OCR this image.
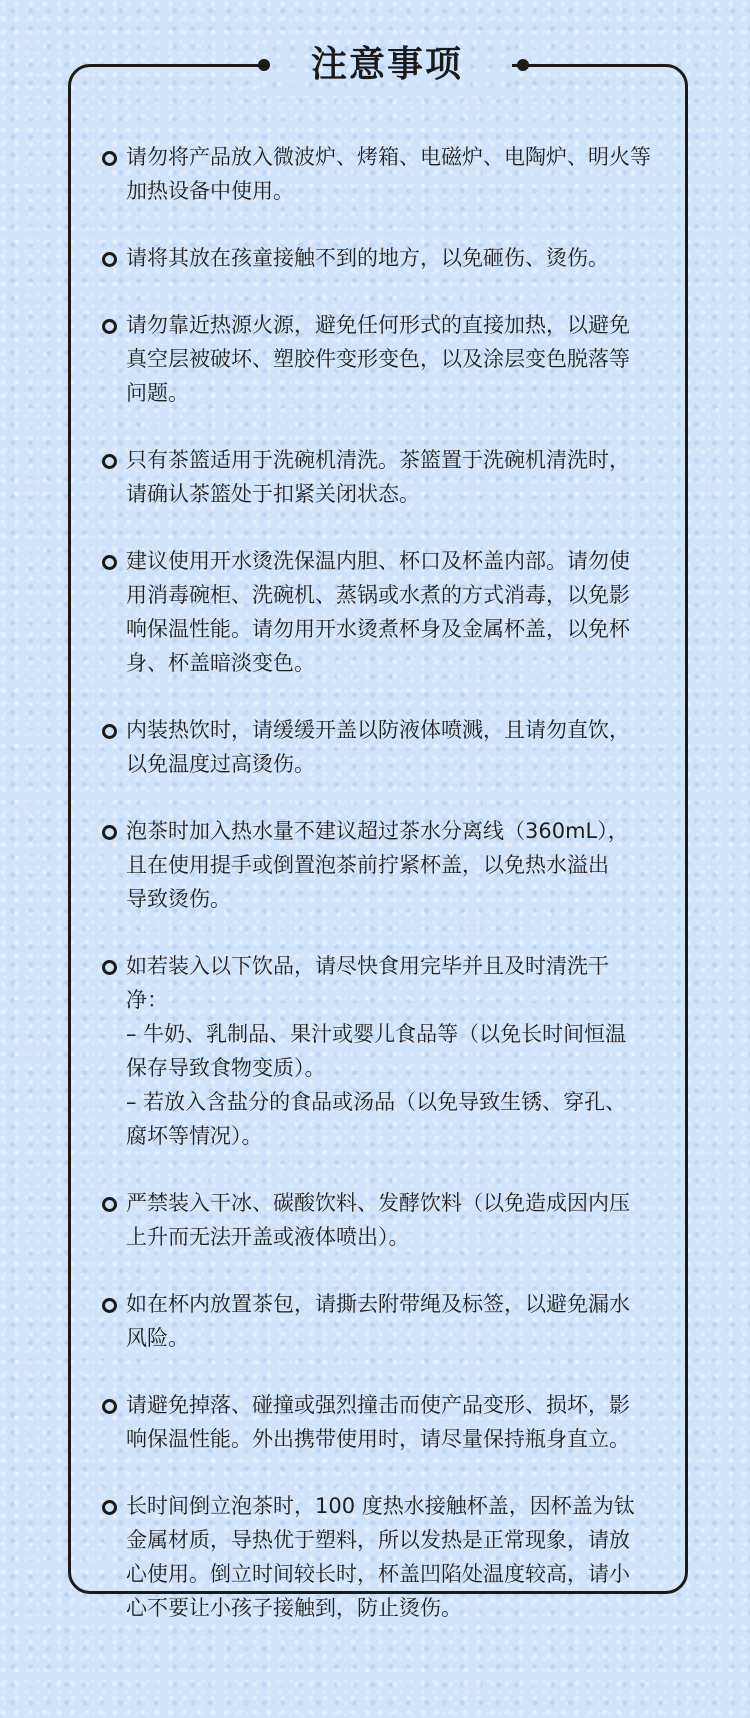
注意事项
请勿将产品放入微波炉、烤箱、电磁炉、电陶炉、明火等
加热设备中使用。
请将其放在孩童接触不到的地方，以免砸伤、烫伤。
请勿靠近热源火源，避免任何形式的直接加热，以避免
真空层被破坏、塑胶件变形变色，以及涂层变色脱落等
问题。
只有茶篮适用于洗碗机清洗。茶篮置于洗碗机清洗时，
请确认茶篮处于扣紧关闭状态。
建议使用开水烫洗保温内胆、杯口及杯盖内部。请勿使
用消毒碗柜、洗碗机、蒸锅或水煮的方式消毒，以免影
响保温性能。请勿用开水烫煮杯身及金属杯盖，以免杯
身、杯盖暗淡变色。
内装热饮时，请缓缓开盖以防液体喷溅，且请勿直饮，
以免温度过高烫伤。
泡茶时加入热水量不建议超过茶水分离线（360mL），
且在使用提手或倒置泡茶前拧紧杯盖，以免热水溢出
导致烫伤。
如若装入以下饮品，请尽快食用完毕并且及时清洗干
净：
– 牛奶、乳制品、果汁或婴儿食品等（以免长时间恒温
保存导致食物变质）。
– 若放入含盐分的食品或汤品（以免导致生锈、穿孔、
腐坏等情况）。
严禁装入干冰、碳酸饮料、发酵饮料（以免造成因内压
上升而无法开盖或液体喷出）。
如在杯内放置茶包，请撕去附带绳及标签，以避免漏水
风险。
请避免掉落、碰撞或强烈撞击而使产品变形、损坏，影
响保温性能。外出携带使用时，请尽量保持瓶身直立。
长时间倒立泡茶时，100 度热水接触杯盖，因杯盖为钛
金属材质，导热优于塑料，所以发热是正常现象，请放
心使用。倒立时间较长时，杯盖凹陷处温度较高，请小
心不要让小孩子接触到，防止烫伤。
